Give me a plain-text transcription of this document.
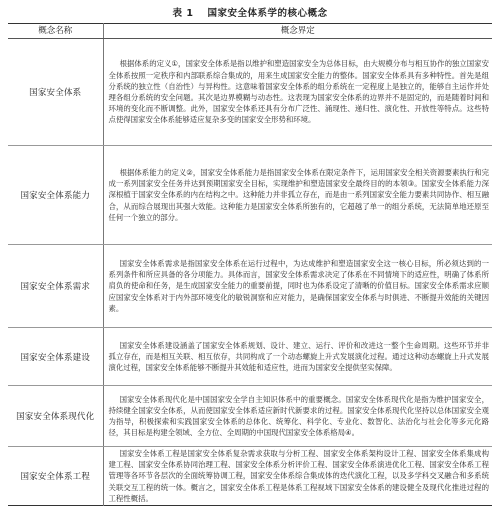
表 1 国家安全体系学的核心概念
概念名称	概念界定
国家安全体系	根据体系的定义①，国家安全体系是指以维护和塑造国家安全为总体目标，由大规模分布与相互协作的独立国家安全体系按照一定秩序和内部联系综合集成的，用来生成国家安全能力的整体。国家安全体系具有多种特性。首先是组分系统的独立性（自治性）与异构性。这意味着国家安全体系的组分系统在一定程度上是独立的，能够自主运作并处理各组分系统的安全问题。其次是边界模糊与动态性。这表现为国家安全体系的边界并不是固定的，而是随着时间和环境的变化而不断调整。此外，国家安全体系还具有分布广泛性、涌现性、递归性、演化性、开放性等特点。这些特点使得国家安全体系能够适应复杂多变的国家安全形势和环境。
国家安全体系能力	根据体系能力的定义②，国家安全体系能力是指国家安全体系在限定条件下，运用国家安全相关资源要素执行和完成一系列国家安全任务并达到预期国家安全目标，实现维护和塑造国家安全最终目的的本领③。国家安全体系能力深深根植于国家安全体系的内在结构之中。这种能力并非孤立存在，而是由一系列国家安全能力要素共同协作、相互融合，从而综合展现出其强大效能。这种能力是国家安全体系所独有的，它超越了单一的组分系统，无法简单地还原至任何一个独立的部分。
国家安全体系需求	国家安全体系需求是指国家安全体系在运行过程中，为达成维护和塑造国家安全这一核心目标，所必须达到的一系列条件和所应具备的各分项能力。具体而言，国家安全体系需求决定了体系在不同情境下的适应性，明确了体系所肩负的使命和任务，是生成国家安全能力的重要前提，同时也为体系设定了清晰的价值目标。国家安全体系需求应顺应国家安全体系对于内外部环境变化的敏锐洞察和应对能力，是确保国家安全体系与时俱进、不断提升效能的关键因素。
国家安全体系建设	国家安全体系建设涵盖了国家安全体系规划、设计、建立、运行、评价和改进这一整个生命周期。这些环节并非孤立存在，而是相互关联、相互依存，共同构成了一个动态螺旋上升式发展演化过程。通过这种动态螺旋上升式发展演化过程，国家安全体系能够不断提升其效能和适应性，进而为国家安全提供坚实保障。
国家安全体系现代化	国家安全体系现代化是中国国家安全学自主知识体系中的重要概念。国家安全体系现代化是指为维护国家安全，持续健全国家安全体系，从而使国家安全体系适应新时代新要求的过程。国家安全体系现代化坚持以总体国家安全观为指导，积极探索和实践国家安全体系的总体化、统筹化、科学化、专业化、数智化、法治化与社会化等多元化路径，其目标是构建全领域、全方位、全周期的中国现代国家安全体系格局④。
国家安全体系工程	国家安全体系工程是国家安全体系复杂需求获取与分析工程、国家安全体系架构设计工程、国家安全体系集成构建工程、国家安全体系协同治理工程、国家安全体系分析评价工程、国家安全体系演进优化工程、国家安全体系工程管理等各环节各层次的全面统筹协调工程，国家安全体系综合集成体的迭代演化工程，以及多学科交叉融合和多系统关联交互工程的统一体。概言之，国家安全体系工程是体系工程视域下国家安全体系的建设健全及现代化推进过程的工程性概括。
